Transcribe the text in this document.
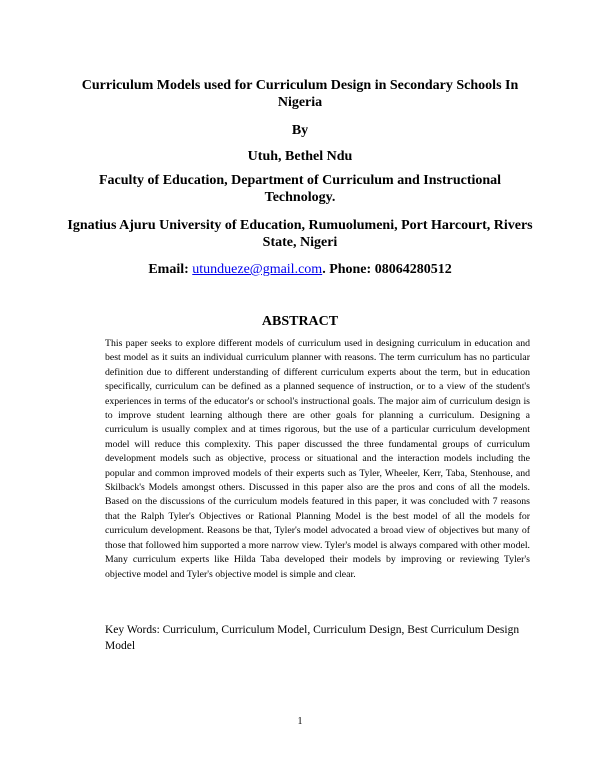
Curriculum Models used for Curriculum Design in Secondary Schools In Nigeria
By
Utuh, Bethel Ndu
Faculty of Education, Department of Curriculum and Instructional Technology.
Ignatius Ajuru University of Education, Rumuolumeni, Port Harcourt, Rivers State, Nigeri
Email: utundueze@gmail.com. Phone: 08064280512
ABSTRACT
This paper seeks to explore different models of curriculum used in designing curriculum in education and best model as it suits an individual curriculum planner with reasons. The term curriculum has no particular definition due to different understanding of different curriculum experts about the term, but in education specifically, curriculum can be defined as a planned sequence of instruction, or to a view of the student's experiences in terms of the educator's or school's instructional goals. The major aim of curriculum design is to improve student learning although there are other goals for planning a curriculum. Designing a curriculum is usually complex and at times rigorous, but the use of a particular curriculum development model will reduce this complexity. This paper discussed the three fundamental groups of curriculum development models such as objective, process or situational and the interaction models including the popular and common improved models of their experts such as Tyler, Wheeler, Kerr, Taba, Stenhouse, and Skilback's Models amongst others. Discussed in this paper also are the pros and cons of all the models. Based on the discussions of the curriculum models featured in this paper, it was concluded with 7 reasons that the Ralph Tyler's Objectives or Rational Planning Model is the best model of all the models for curriculum development. Reasons be that, Tyler's model advocated a broad view of objectives but many of those that followed him supported a more narrow view. Tyler's model is always compared with other model. Many curriculum experts like Hilda Taba developed their models by improving or reviewing Tyler's objective model and Tyler's objective model is simple and clear.
Key Words: Curriculum, Curriculum Model, Curriculum Design, Best Curriculum Design Model
1
